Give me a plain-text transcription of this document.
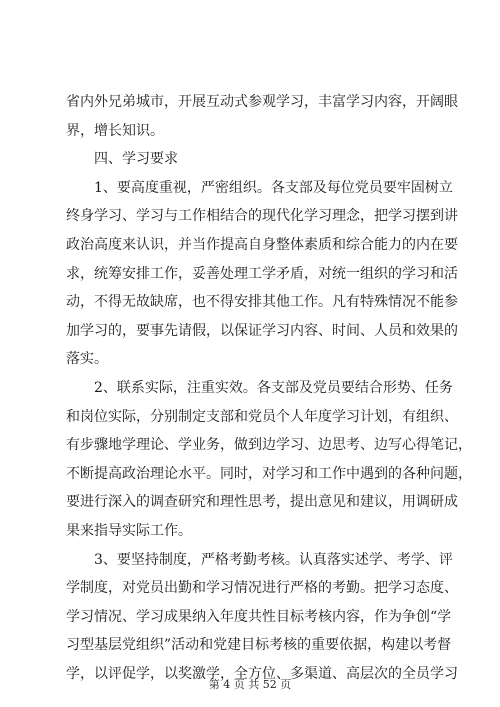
省内外兄弟城市，开展互动式参观学习，丰富学习内容，开阔眼
界，增长知识。
四、学习要求
1、要高度重视，严密组织。各支部及每位党员要牢固树立
终身学习、学习与工作相结合的现代化学习理念，把学习摆到讲
政治高度来认识，并当作提高自身整体素质和综合能力的内在要
求，统筹安排工作，妥善处理工学矛盾，对统一组织的学习和活
动，不得无故缺席，也不得安排其他工作。凡有特殊情况不能参
加学习的，要事先请假，以保证学习内容、时间、人员和效果的
落实。
2、联系实际，注重实效。各支部及党员要结合形势、任务
和岗位实际，分别制定支部和党员个人年度学习计划，有组织、
有步骤地学理论、学业务，做到边学习、边思考、边写心得笔记，
不断提高政治理论水平。同时，对学习和工作中遇到的各种问题，
要进行深入的调查研究和理性思考，提出意见和建议，用调研成
果来指导实际工作。
3、要坚持制度，严格考勤考核。认真落实述学、考学、评
学制度，对党员出勤和学习情况进行严格的考勤。把学习态度、
学习情况、学习成果纳入年度共性目标考核内容，作为争创“学
习型基层党组织”活动和党建目标考核的重要依据，构建以考督
学，以评促学，以奖激学，全方位、多渠道、高层次的全员学习
第 4 页 共 52 页
